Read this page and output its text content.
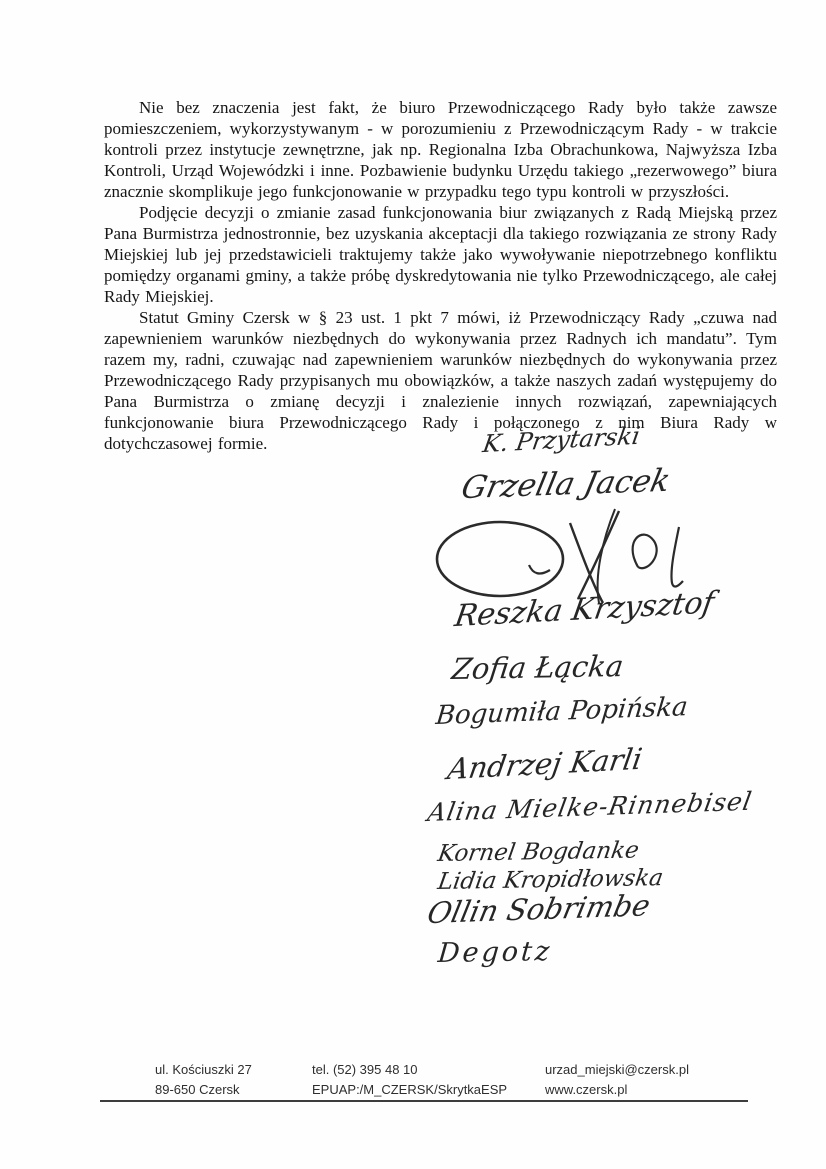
Nie bez znaczenia jest fakt, że biuro Przewodniczącego Rady było także zawsze pomieszczeniem, wykorzystywanym - w porozumieniu z Przewodniczącym Rady - w trakcie kontroli przez instytucje zewnętrzne, jak np. Regionalna Izba Obrachunkowa, Najwyższa Izba Kontroli, Urząd Wojewódzki i inne. Pozbawienie budynku Urzędu takiego „rezerwowego” biura znacznie skomplikuje jego funkcjonowanie w przypadku tego typu kontroli w przyszłości.

Podjęcie decyzji o zmianie zasad funkcjonowania biur związanych z Radą Miejską przez Pana Burmistrza jednostronnie, bez uzyskania akceptacji dla takiego rozwiązania ze strony Rady Miejskiej lub jej przedstawicieli traktujemy także jako wywoływanie niepotrzebnego konfliktu pomiędzy organami gminy, a także próbę dyskredytowania nie tylko Przewodniczącego, ale całej Rady Miejskiej.

Statut Gminy Czersk w § 23 ust. 1 pkt 7 mówi, iż Przewodniczący Rady „czuwa nad zapewnieniem warunków niezbędnych do wykonywania przez Radnych ich mandatu”. Tym razem my, radni, czuwając nad zapewnieniem warunków niezbędnych do wykonywania przez Przewodniczącego Rady przypisanych mu obowiązków, a także naszych zadań występujemy do Pana Burmistrza o zmianę decyzji i znalezienie innych rozwiązań, zapewniających funkcjonowanie biura Przewodniczącego Rady i połączonego z nim Biura Rady w dotychczasowej formie.	K. Przytarski
Grzella Jacek
Reszka Krzysztof
Zofia Łącka
Bogumiła Popińska
Andrzej Karli
Alina Mielke-Rinnebisel
Kornel Bogdanke
Lidia Kropidłowska
Ollin Sobrimbe
Degotz
ul. Kościuszki 27
89-650 Czersk
tel. (52) 395 48 10
EPUAP:/M_CZERSK/SkrytkaESP
urzad_miejski@czersk.pl
www.czersk.pl
